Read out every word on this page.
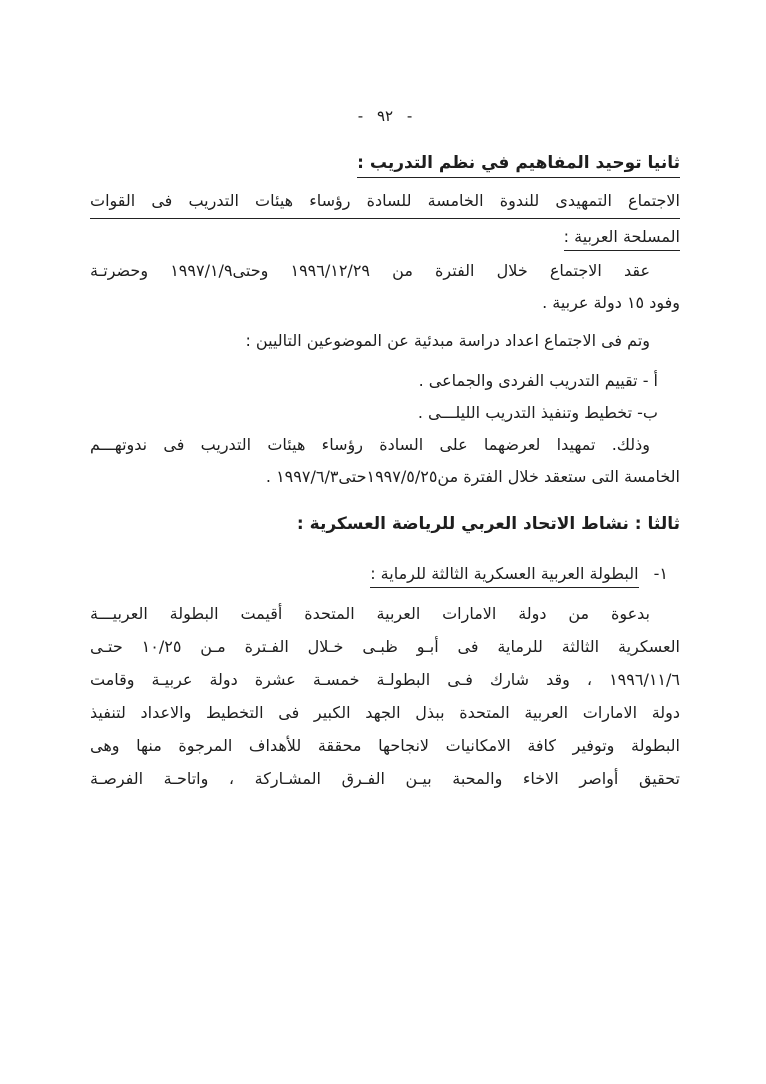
- ٩٢ -
ثانيا توحيد المفاهيم في نظم التدريب :
الاجتماع التمهيدى للندوة الخامسة للسادة رؤساء هيئات التدريب فى القوات
المسلحة العربية :
عقد الاجتماع خلال الفترة من ١٩٩٦/١٢/٢٩ وحتى١٩٩٧/١/٩ وحضرتـة
وفود ١٥ دولة عربية .
وتم فى الاجتماع اعداد دراسة مبدئية عن الموضوعين التاليين :
أ - تقييم التدريب الفردى والجماعى .
ب- تخطيط وتنفيذ التدريب الليلـــى .
وذلك. تمهيدا لعرضهما على السادة رؤساء هيئات التدريب فى ندوتهـــم
الخامسة التى ستعقد خلال الفترة من١٩٩٧/٥/٢٥حتى١٩٩٧/٦/٣ .
ثالثا : نشاط الاتحاد العربي للرياضة العسكرية :
١- البطولة العربية العسكرية الثالثة للرماية :
بدعوة من دولة الامارات العربية المتحدة أقيمت البطولة العربيـــة
العسكرية الثالثة للرماية فى أبـو ظبـى خـلال الفـترة مـن ١٠/٢٥ حتـى
١٩٩٦/١١/٦ ، وقد شارك فـى البطولـة خمسـة عشرة دولة عربيـة وقامت
دولة الامارات العربية المتحدة ببذل الجهد الكبير فى التخطيط والاعداد لتنفيذ
البطولة وتوفير كافة الامكانيات لانجاحها محققة للأهداف المرجوة منها وهى
تحقيق أواصر الاخاء والمحبة بيـن الفـرق المشـاركة ، واتاحـة الفرصـة
